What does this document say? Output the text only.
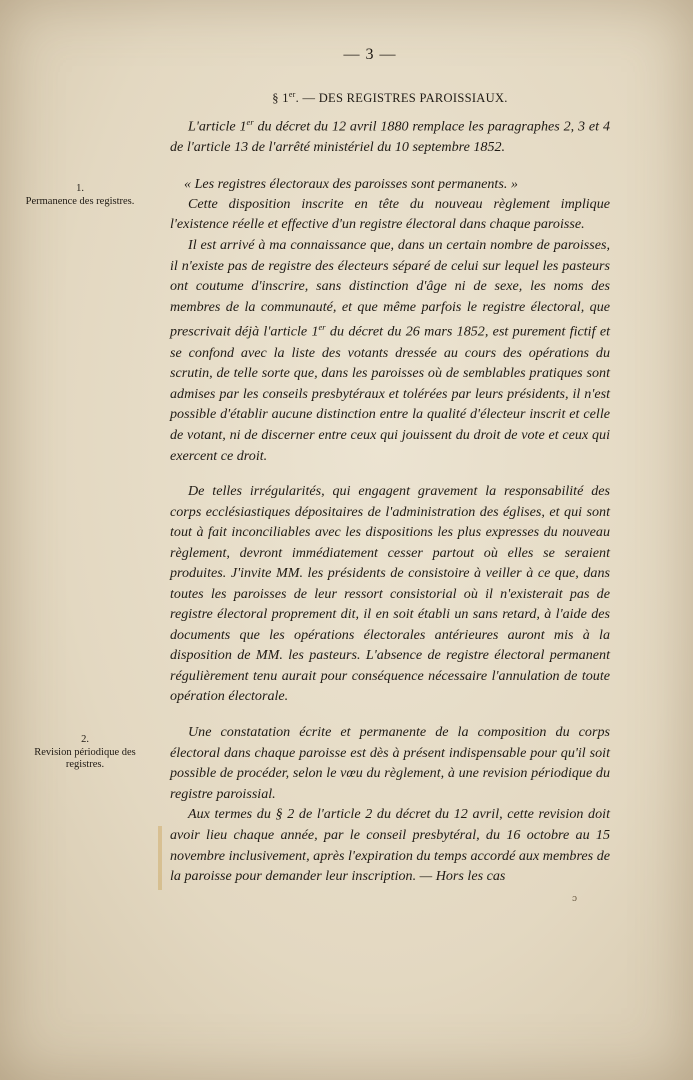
— 3 —
§ 1er. — DES REGISTRES PAROISSIAUX.

L'article 1er du décret du 12 avril 1880 remplace les paragraphes 2, 3 et 4 de l'article 13 de l'arrêté ministériel du 10 septembre 1852.

1.
Permanence des registres.

« Les registres électoraux des paroisses sont permanents. »

Cette disposition inscrite en tête du nouveau règlement implique l'existence réelle et effective d'un registre électoral dans chaque paroisse.

Il est arrivé à ma connaissance que, dans un certain nombre de paroisses, il n'existe pas de registre des électeurs séparé de celui sur lequel les pasteurs ont coutume d'inscrire, sans distinction d'âge ni de sexe, les noms des membres de la communauté, et que même parfois le registre électoral, que prescrivait déjà l'article 1er du décret du 26 mars 1852, est purement fictif et se confond avec la liste des votants dressée au cours des opérations du scrutin, de telle sorte que, dans les paroisses où de semblables pratiques sont admises par les conseils presbytéraux et tolérées par leurs présidents, il n'est possible d'établir aucune distinction entre la qualité d'électeur inscrit et celle de votant, ni de discerner entre ceux qui jouissent du droit de vote et ceux qui exercent ce droit.

De telles irrégularités, qui engagent gravement la responsabilité des corps ecclésiastiques dépositaires de l'administration des églises, et qui sont tout à fait inconciliables avec les dispositions les plus expresses du nouveau règlement, devront immédiatement cesser partout où elles se seraient produites. J'invite MM. les présidents de consistoire à veiller à ce que, dans toutes les paroisses de leur ressort consistorial où il n'existerait pas de registre électoral proprement dit, il en soit établi un sans retard, à l'aide des documents que les opérations électorales antérieures auront mis à la disposition de MM. les pasteurs. L'absence de registre électoral permanent régulièrement tenu aurait pour conséquence nécessaire l'annulation de toute opération électorale.

2.
Revision périodique des registres.

Une constatation écrite et permanente de la composition du corps électoral dans chaque paroisse est dès à présent indispensable pour qu'il soit possible de procéder, selon le vœu du règlement, à une revision périodique du registre paroissial.

Aux termes du § 2 de l'article 2 du décret du 12 avril, cette revision doit avoir lieu chaque année, par le conseil presbytéral, du 16 octobre au 15 novembre inclusivement, après l'expiration du temps accordé aux membres de la paroisse pour demander leur inscription. — Hors les cas

ɔ
